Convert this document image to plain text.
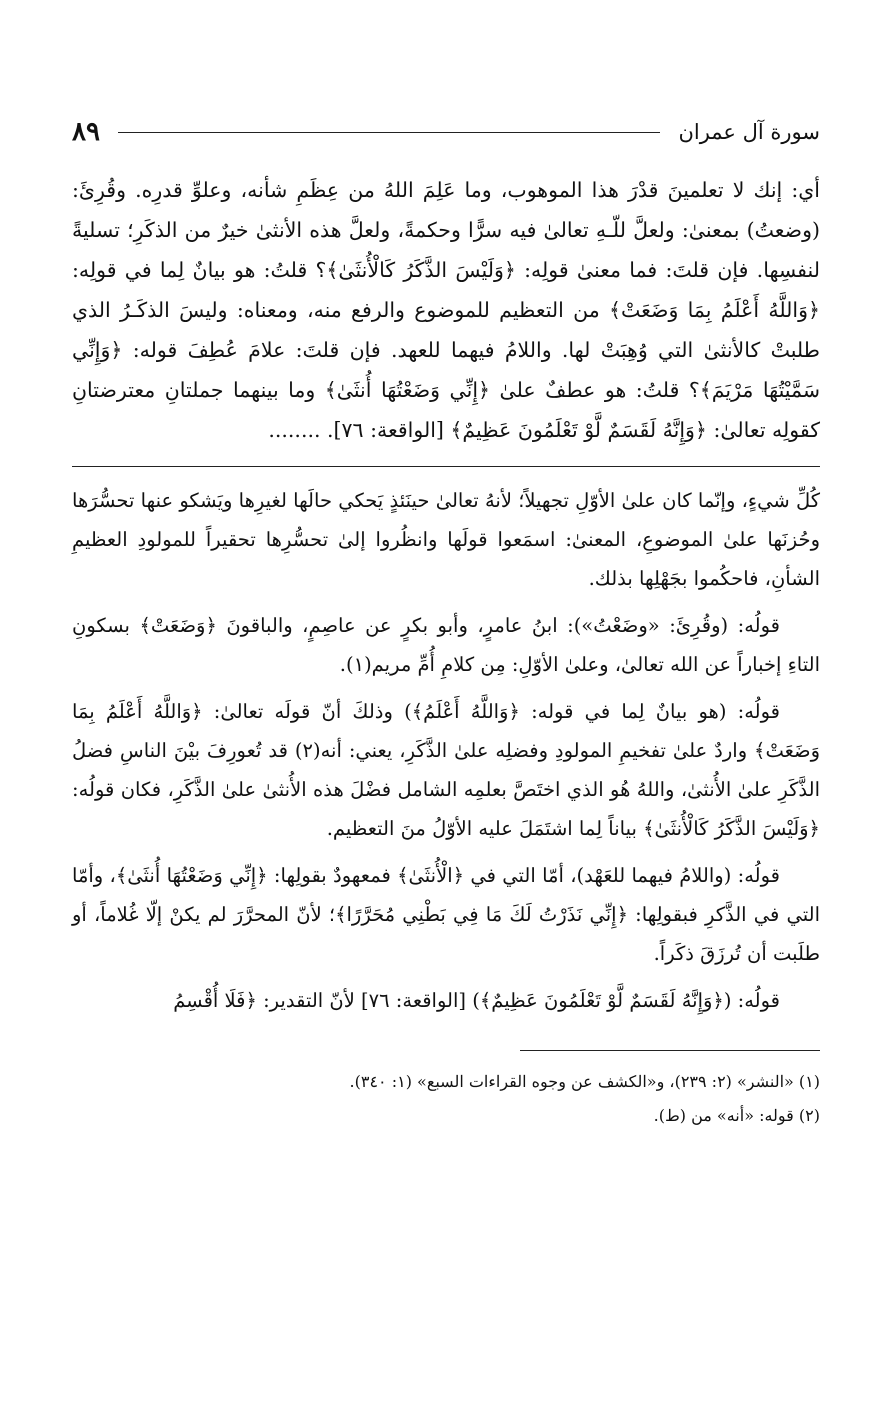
سورة آل عمران
٨٩

أي: إنك لا تعلمينَ قدْرَ هذا الموهوب، وما عَلِمَ اللهُ من عِظَمِ شأنه، وعلوِّ قدرِه. وقُرِئَ: (وضعتُ) بمعنىٰ: ولعلَّ للّـهِ تعالىٰ فيه سرًّا وحكمةً، ولعلَّ هذه الأنثىٰ خيرٌ من الذكَرِ؛ تسليةً لنفسِها. فإن قلتَ: فما معنىٰ قولِه: ﴿وَلَيْسَ الذَّكَرُ كَالْأُنثَىٰ﴾؟ قلتُ: هو بيانٌ لِما في قولِه: ﴿وَاللَّهُ أَعْلَمُ بِمَا وَضَعَتْ﴾ من التعظيم للموضوع والرفع منه، ومعناه: وليسَ الذكَـرُ الذي طلبتْ كالأنثىٰ التي وُهِبَتْ لها. واللامُ فيهما للعهد. فإن قلتَ: علامَ عُطِفَ قوله: ﴿وَإِنِّي سَمَّيْتُهَا مَرْيَمَ﴾؟ قلتُ: هو عطفٌ علىٰ ﴿إِنِّي وَضَعْتُهَا أُنثَىٰ﴾ وما بينهما جملتانِ معترضتانِ كقولِه تعالىٰ: ﴿وَإِنَّهُ لَقَسَمٌ لَّوْ تَعْلَمُونَ عَظِيمٌ﴾ [الواقعة: ٧٦]. ........

كُلِّ شيءٍ، وإنّما كان علىٰ الأوّلِ تجهيلاً؛ لأنهُ تعالىٰ حينَئذٍ يَحكي حالَها لغيرِها ويَشكو عنها تحسُّرَها وحُزنَها علىٰ الموضوعِ، المعنىٰ: اسمَعوا قولَها وانظُروا إلىٰ تحسُّرِها تحقيراً للمولودِ العظيمِ الشأنِ، فاحكُموا بجَهْلِها بذلك.

قولُه: (وقُرِئَ: «وضَعْتُ»): ابنُ عامرٍ، وأبو بكرٍ عن عاصِمٍ، والباقونَ ﴿وَضَعَتْ﴾ بسكونِ التاءِ إخباراً عن الله تعالىٰ، وعلىٰ الأوّلِ: مِن كلامِ أُمِّ مريم(١).

قولُه: (هو بيانٌ لِما في قوله: ﴿وَاللَّهُ أَعْلَمُ﴾) وذلكَ أنّ قولَه تعالىٰ: ﴿وَاللَّهُ أَعْلَمُ بِمَا وَضَعَتْ﴾ واردٌ علىٰ تفخيمِ المولودِ وفضلِه علىٰ الذَّكَرِ، يعني: أنه(٢) قد تُعورِفَ بيْنَ الناسِ فضلُ الذَّكَرِ علىٰ الأُنثىٰ، واللهُ هُو الذي اختَصَّ بعلمِه الشامل فضْلَ هذه الأُنثىٰ علىٰ الذَّكَرِ، فكان قولُه: ﴿وَلَيْسَ الذَّكَرُ كَالْأُنثَىٰ﴾ بياناً لِما اشتَمَلَ عليه الأوّلُ منَ التعظيم.

قولُه: (واللامُ فيهما للعَهْد)، أمّا التي في ﴿الْأُنثَىٰ﴾ فمعهودٌ بقولِها: ﴿إِنِّي وَضَعْتُهَا أُنثَىٰ﴾، وأمّا التي في الذَّكرِ فبقولِها: ﴿إِنِّي نَذَرْتُ لَكَ مَا فِي بَطْنِي مُحَرَّرًا﴾؛ لأنّ المحرَّرَ لم يكنْ إلّا غُلاماً، أو طلَبت أن تُرزَقَ ذكَراً.

قولُه: (﴿وَإِنَّهُ لَقَسَمٌ لَّوْ تَعْلَمُونَ عَظِيمٌ﴾) [الواقعة: ٧٦] لأنّ التقدير: ﴿فَلَا أُقْسِمُ

(١) «النشر» (٢: ٢٣٩)، و«الكشف عن وجوه القراءات السبع» (١: ٣٤٠).

(٢) قوله: «أنه» من (ط).
